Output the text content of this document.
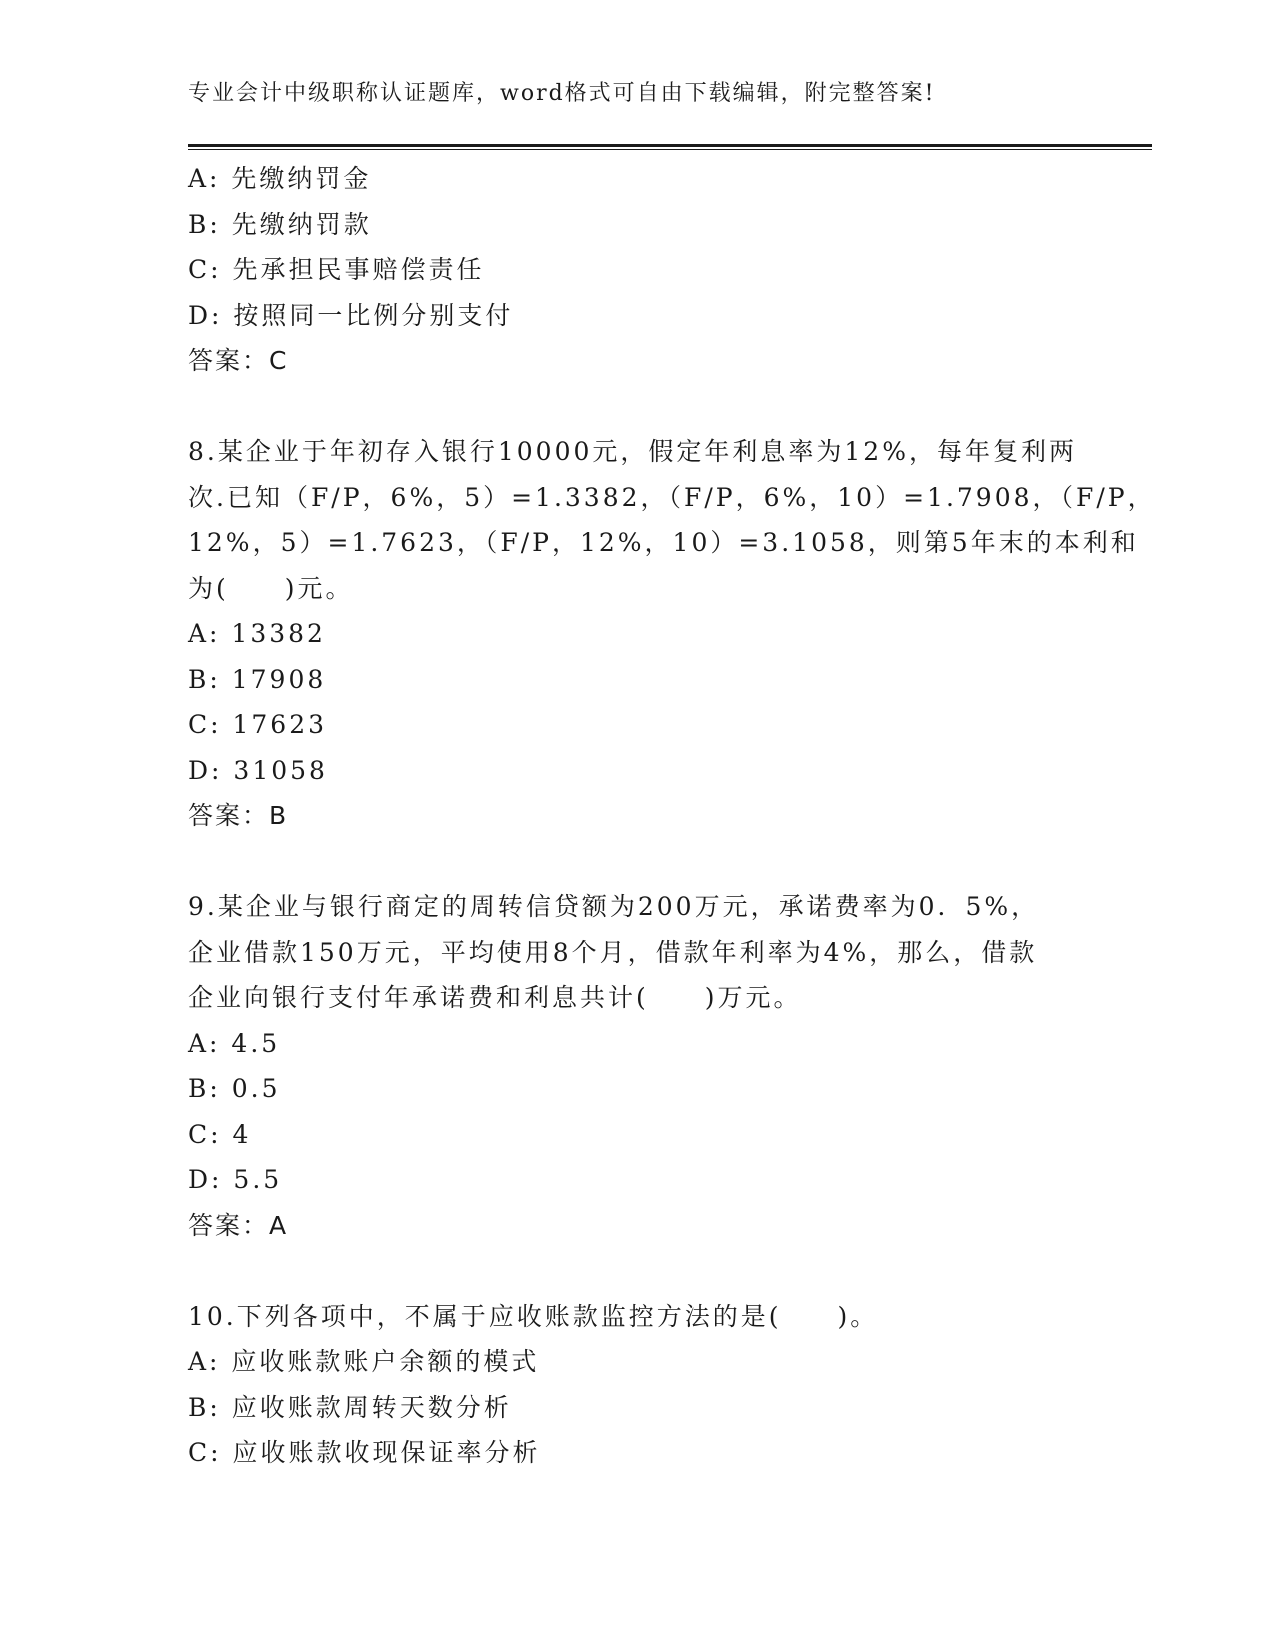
专业会计中级职称认证题库，word格式可自由下载编辑，附完整答案!
A: 先缴纳罚金
B: 先缴纳罚款
C: 先承担民事赔偿责任
D: 按照同一比例分别支付
答案：C
8.某企业于年初存入银行10000元，假定年利息率为12%，每年复利两
次.已知（F/P，6%，5）=1.3382，（F/P，6%，10）=1.7908，（F/P，
12%，5）=1.7623，（F/P，12%，10）=3.1058，则第5年末的本利和
为(　　)元。
A: 13382
B: 17908
C: 17623
D: 31058
答案：B
9.某企业与银行商定的周转信贷额为200万元，承诺费率为0．5%，
企业借款150万元，平均使用8个月，借款年利率为4%，那么，借款
企业向银行支付年承诺费和利息共计(　　)万元。
A: 4.5
B: 0.5
C: 4
D: 5.5
答案：A
10.下列各项中，不属于应收账款监控方法的是(　　)。
A: 应收账款账户余额的模式
B: 应收账款周转天数分析
C: 应收账款收现保证率分析
